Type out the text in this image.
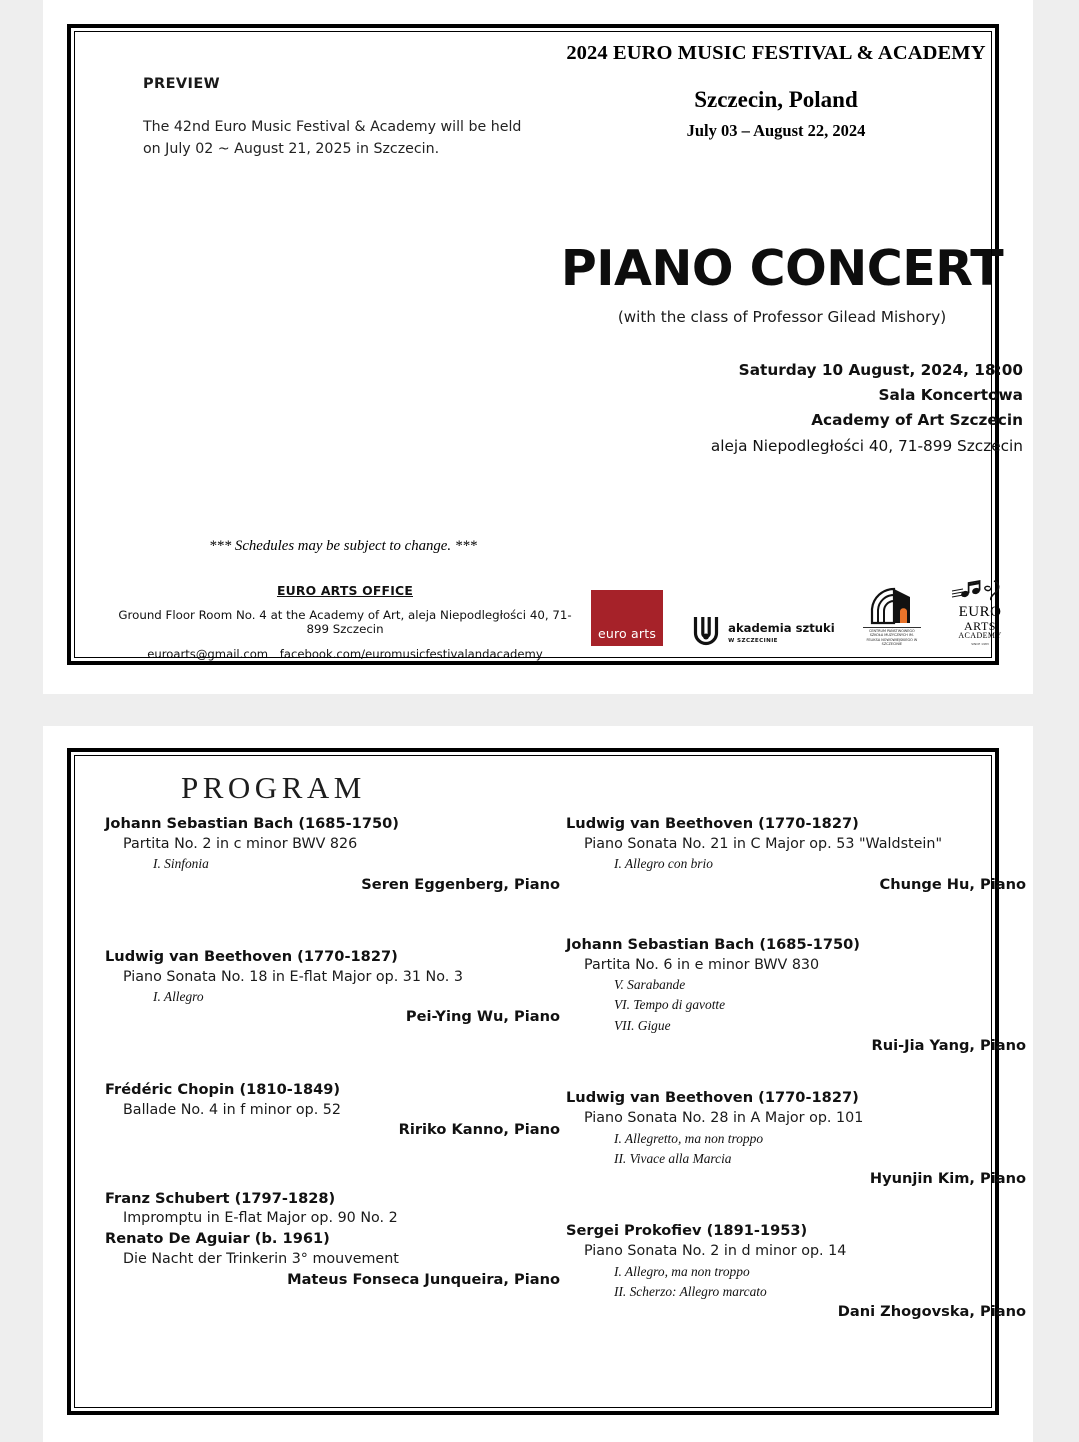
PREVIEW
The 42nd Euro Music Festival & Academy will be held
on July 02 ~ August 21, 2025 in Szczecin.
2024 EURO MUSIC FESTIVAL & ACADEMY
Szczecin, Poland
July 03 – August 22, 2024
PIANO CONCERT
(with the class of Professor Gilead Mishory)
Saturday 10 August, 2024, 18:00
Sala Koncertowa
Academy of Art Szczecin
aleja Niepodległości 40, 71-899 Szczecin
*** Schedules may be subject to change. ***
EURO ARTS OFFICE
Ground Floor Room No. 4 at the Academy of Art, aleja Niepodległości 40, 71-899 Szczecin
euroarts@gmail.com facebook.com/euromusicfestivalandacademy
euro arts	akademia sztuki
W SZCZECINIE
CENTRUM PAŃSTWOWEGO SZKOŁA MUZYCZNYCH IM. FELIKSA NOWOWIEJSKIEGO W SZCZECINIE
EURO
ARTS
ACADEMY
SINCE 1983
PROGRAM
Johann Sebastian Bach (1685-1750)
Partita No. 2 in c minor BWV 826
I. Sinfonia
Seren Eggenberg, Piano
Ludwig van Beethoven (1770-1827)
Piano Sonata No. 18 in E-flat Major op. 31 No. 3
I. Allegro
Pei-Ying Wu, Piano
Frédéric Chopin (1810-1849)
Ballade No. 4 in f minor op. 52
Ririko Kanno, Piano
Franz Schubert (1797-1828)
Impromptu in E-flat Major op. 90 No. 2
Renato De Aguiar (b. 1961)
Die Nacht der Trinkerin 3° mouvement
Mateus Fonseca Junqueira, Piano
Ludwig van Beethoven (1770-1827)
Piano Sonata No. 21 in C Major op. 53 "Waldstein"
I. Allegro con brio
Chunge Hu, Piano
Johann Sebastian Bach (1685-1750)
Partita No. 6 in e minor BWV 830
V. Sarabande
VI. Tempo di gavotte
VII. Gigue
Rui-Jia Yang, Piano
Ludwig van Beethoven (1770-1827)
Piano Sonata No. 28 in A Major op. 101
I. Allegretto, ma non troppo
II. Vivace alla Marcia
Hyunjin Kim, Piano
Sergei Prokofiev (1891-1953)
Piano Sonata No. 2 in d minor op. 14
I. Allegro, ma non troppo
II. Scherzo: Allegro marcato
Dani Zhogovska, Piano
